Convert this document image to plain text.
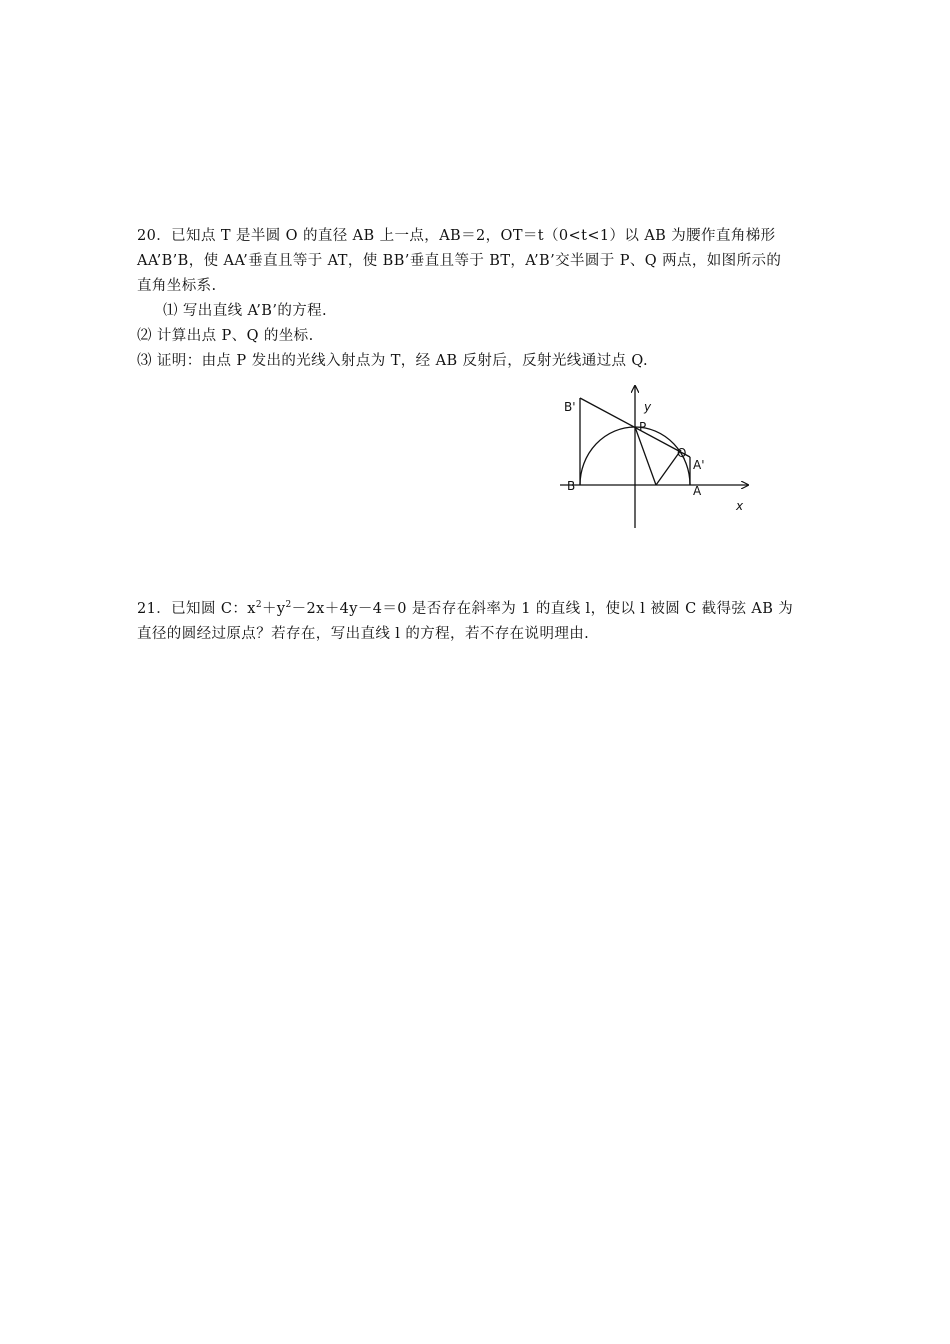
20．已知点 T 是半圆 O 的直径 AB 上一点，AB＝2，OT＝t（0<t<1）以 AB 为腰作直角梯形
AA’B’B，使 AA’垂直且等于 AT，使 BB’垂直且等于 BT，A’B’交半圆于 P、Q 两点，如图所示的
直角坐标系.
⑴ 写出直线 A’B’的方程.
⑵ 计算出点 P、Q 的坐标.
⑶ 证明：由点 P 发出的光线入射点为 T，经 AB 反射后，反射光线通过点 Q.
B'	y
P
Q
A'
B	A
x
21．已知圆 C：$x^2+y^2-2x+4y-4=0$ 是否存在斜率为 1 的直线 l，使以 l 被圆 C 截得弦 AB 为
直径的圆经过原点？若存在，写出直线 l 的方程，若不存在说明理由.
